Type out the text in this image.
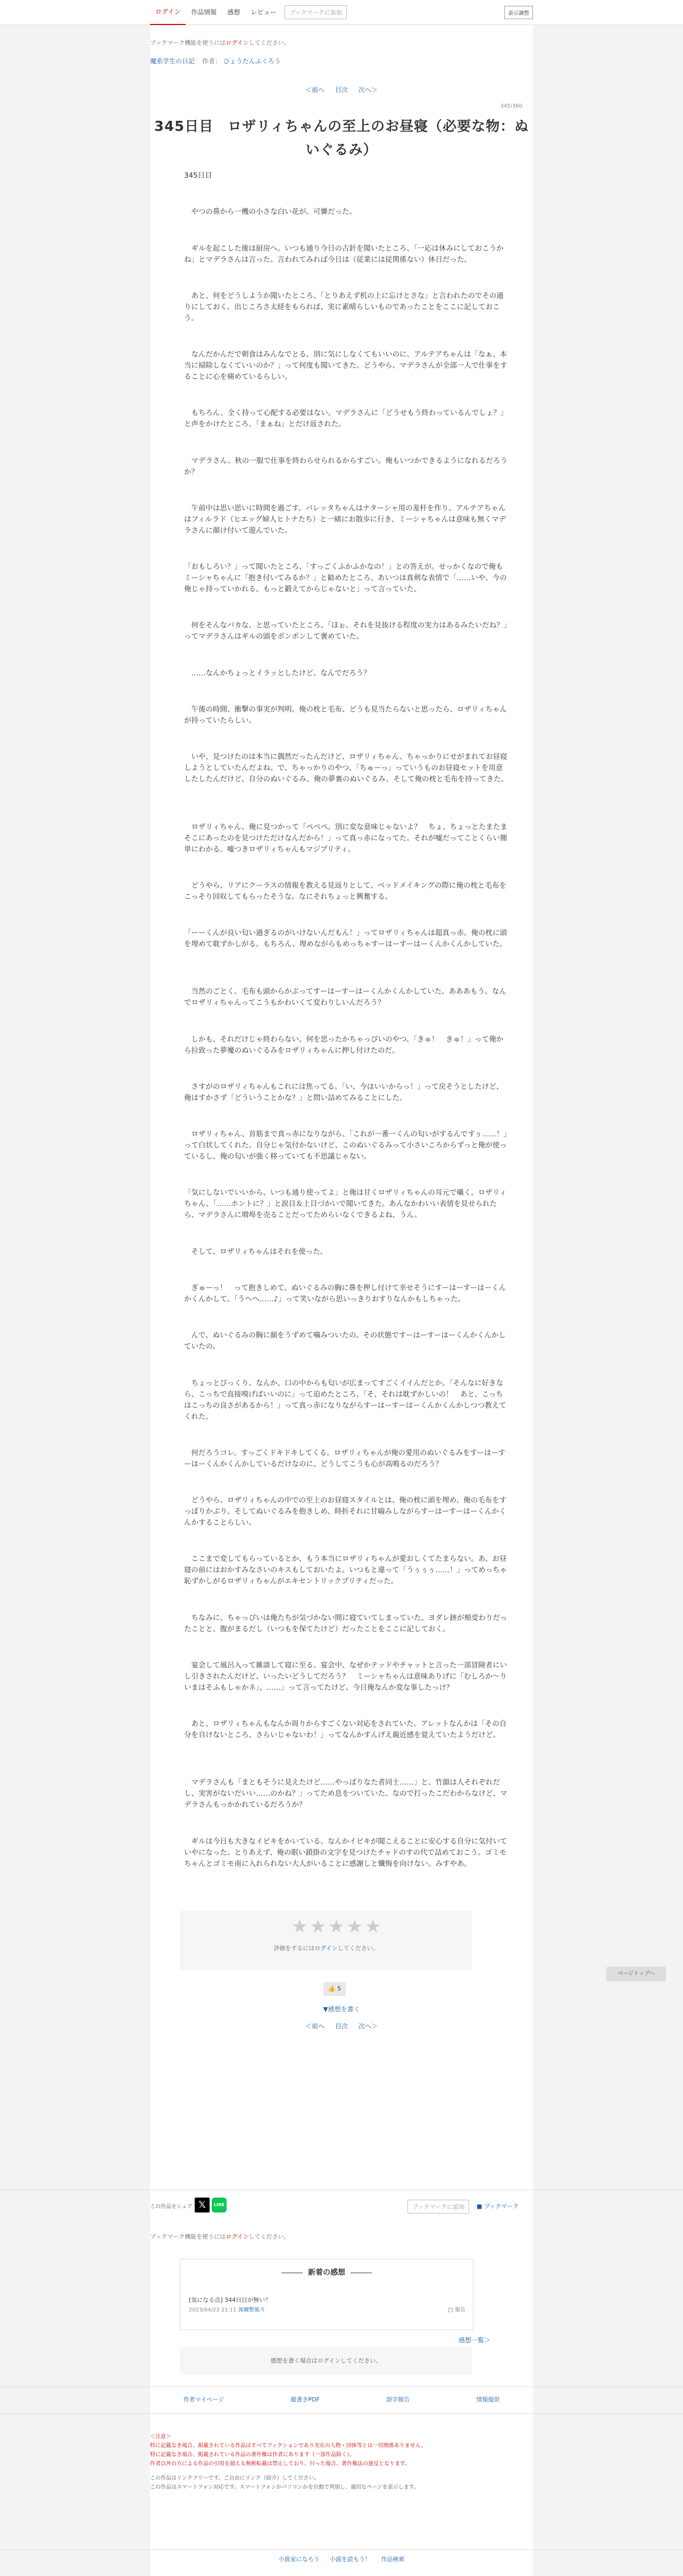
ログイン	作品情報	感想	レビュー	ブックマークに追加	表示調整
ブックマーク機能を使うにはログインしてください。
魔系学生の日記 作者： ひょうたんふくろう
＜前へ 目次 次へ＞
345/360
345日目　ロザリィちゃんの至上のお昼寝（必要な物：ぬ
いぐるみ）
345日目
　やつの鼻から一機の小さな白い花が。可憐だった。
　ギルを起こした後は厨房へ。いつも通り今日の古針を聞いたところ、「一応は休みにしておこうかね」とマデラさんは言った。言われてみれば今日は（従業には従関係ない）休日だった。
　あと、何をどうしようか聞いたところ、「とりあえず机の上に忘けとさな」と言われたのでその通りにしておく。出じころさ太経をもられば、実に素晴らしいものであったことをここに記しておこう。
　なんだかんだで朝食はみんなでとる。別に気にしなくてもいいのに、アルテアちゃんは「なぁ、本当に掃除しなくていいのか？」って何度も聞いてきた。どうやら、マデラさんが全部一人で仕事をすることに心を痛めているらしい。
　もちろん、全く持って心配する必要はない。マデラさんに「どうせもう終わっているんでしょ？」と声をかけたところ、「まぁね」とだけ返された。
　マデラさん、秋の一服で仕事を終わらせられるからすごい。俺もいつかできるようになれるだろうか？
　午前中は思い思いに時間を過ごす。パレッタちゃんはナターシャ用の羞杆を作り、アルテアちゃんはフィルラド（ヒエッグ婦人ヒトナたち）と一緒にお散歩に行き、ミーシャちゃんは意味も無くマデラさんに顔け付いて遊んでいた。
「おもしろい？」って聞いたところ、「すっごくふかふかなの！」との答えが。せっかくなので俺もミーシャちゃんに「抱き付いてみるか？」と勧めたところ、あいつは真剣な表情で「……いや、今の俺じゃ持っていかれる。もっと鍛えてからじゃないと」って言っていた。
　何をそんなバカな、と思っていたところ、「ほぉ、それを見抜ける程度の実力はあるみたいだね？」ってマデラさんはギルの頭をポンポンして褒めていた。
　……なんかちょっとイラッとしたけど、なんでだろう？
　午後の時間、衝撃の事実が判明。俺の枕と毛布、どうも見当たらないと思ったら、ロザリィちゃんが持っていたらしい。
　いや、見つけたのは本当に偶然だったんだけど、ロザリィちゃん、ちゃっかりにせがまれてお昼寝しようとしていたんだよね。で、ちゃっかりのやつ、「ちゅーっ」っていうものお昼寝セットを用意したしたんだけど、自分のぬいぐるみ、俺の夢裏のぬいぐるみ、そして俺の枕と毛布を持ってきた。
　ロザリィちゃん、俺に見つかって「ぺペペ、別に変な意味じゃないよ？　ちょ、ちょっとたまたまそこにあったのを見つけただけなんだから！」って真っ赤になってた。それが嘘だってことくらい簡単にわかる。嘘つきロザリィちゃんもマジプリティ。
　どうやら、リアにクーラスの情報を教える見返りとして、ベッドメイキングの際に俺の枕と毛布をこっそり回収してもらったそうな。なにそれちょっと興奮する。
「ーーくんが良い匂い過ぎるのがいけないんだもん！」ってロザリィちゃんは超真っ赤。俺の枕に頭を埋めて耽ずかしがる。もちろん、埋めながらもめっちゃすーはーすーはーくんかくんかしていた。
　当然のごとく、毛布も頭からかぶってすーはーすーはーくんかくんかしていた。あああもう、なんでロザリィちゃんってこうもかわいくて変わりしいんだろう？
　しかも、それだけじゃ終わらない。何を思ったかちゃっぴいのやつ、「きゅ！　きゅ！」って俺から拉致った夢魔のぬいぐるみをロザリィちゃんに押し付けたのだ。
　さすがのロザリィちゃんもこれには焦ってる。「い、今はいいからっ！」って戻そうとしたけど、俺はすかさず「どういうことかな？」と問い詰めてみることにした。
　ロザリィちゃん、首筋まで真っ赤になりながら、「これが一番一くんの匂いがするんですぅ……！」って白状してくれた。自分じゃ気付かないけど、このぬいぐるみって小さいころからずっと俺が使っているし、俺の匂いが強く移っていても不思議じゃない。
「気にしないでいいから、いつも通り使ってよ」と俺は甘くロザリィちゃんの耳元で囁く。ロザリィちゃん、「……ホントに？」と涙目＆上目づかいで聞いてきた。あんなかわいい表情を見せられたら、マデラさんに増埠を売ることだってためらいなくできるよね、うん。
　そして、ロザリィちゃんはそれを使った。
　ぎゅーっ！　って抱きしめて。ぬいぐるみの胸に鼻を押し付けて幸せそうにすーはーすーはーくんかくんかして。「うへへ……♪」って笑いながら思いっきりおすりなんかもしちゃった。
　んで、ぬいぐるみの胸に顔をうずめて噛みついたの。その状態ですーはーすーはーくんかくんかしていたの。
　ちょっとびっくり。なんか、口の中からも匂いが広まってすごくイイんだとか。「そんなに好きなら、こっちで直接嗅げばいいのに」って迫めたところ、「そ、それは耽ずかしいの！　あと、こっちはこっちの良さがあるから！」って真っ赤になりながらすーはーすーはーくんかくんかしつつ教えてくれた。
　何だろうコレ。すっごくドキドキしてくる。ロザリィちゃんが俺の愛用のぬいぐるみをすーはーすーはーくんかくんかしているだけなのに、どうしてこうも心が高鳴るのだろう？
　どうやら、ロザリィちゃんの中での至上のお昼寝スタイルとは、俺の枕に頭を埋め、俺の毛布をすっぽりかぶり、そしてぬいぐるみを抱きしめ、時折それに甘嚙みしながらすーはーすーはーくんかくんかすることらしい。
　ここまで変してもらっているとか、もう本当にロザリィちゃんが愛おしくてたまらない。あ、お昼寝の前にはおかすみなさいのキスもしておいたよ。いつもと違って「うぅぅぅ……！」ってめっちゃ恥ずかしがるロザリィちゃんがエキセントリックプリティだった。
　ちなみに、ちゃっぴいは俺たちが気づかない間に寝ていてしまっていた。ヨダレ跡が頬変わりだったことと、腹がまるだし（いつもを保てたけど）だったことをここに記しておく。
　宴会して風呂入って雑談して寝に至る。宴会中、なぜかテッドやチャットと言った一部冒険者にいし引きされたんだけど、いったいどうしてだろう？　ミーシャちゃんは意味ありげに「むしろか〜りいまはそふもしゃかネ」、……」って言ってたけど、今日俺なんか変な事したっけ？
　あと、ロザリィちゃんもなんか周りからすごくない対応をされていた。アレットなんかは「その自分を自けないところ、さらいじゃないわ！」ってなんかすんげえ親近感を覚えていたようだけど。
　マデラさんも「まともそうに見えたけど……やっぱりなた者同士……」と、竹顔は人それぞれだし、実害がないだいい……のかね？」ってため息をついていた。なので打ったこだわからなけど、マデラさんもっかかれているだろうか？
　ギルは今日も大きなイビキをかいている。なんかイビキが聞こえることに安心する自分に気付いていやになった。とりあえず、俺の眠い鎖掛の文字を見つけたチャドのすの代で詰めておこう。ゴミモちゃんとゴミモ南に入れられない大人がいることに感謝しと懺悔を向けない。みすやあ。
★★★★★
評価をするにはログインしてください。
👍 5
▼感想を書く
＜前へ 目次 次へ＞
この作品をシェア 𝕏	LINE	ブックマークに追加	■ ブックマーク
ブックマーク機能を使うにはログインしてください。
新着の感想
[気になる点] 344日目が無い？
2023/04/23 21:11 深爾整風斗	□ 報告
感想一覧＞
感想を書く場合はログインしてください。
作者マイページ	縦書きPDF	誤字報告	情報提供
＜注意＞
特に記載なき場合、掲載されている作品はすべてフィクションであり実在の人物・団体等とは一切関係ありません。
特に記載なき場合、掲載されている作品の著作権は作者にあります（一部作品除く）。
作者以外の方による作品の引用を超える無断転載は禁止しており、行った場合、著作権法の違反となります。
この作品はリンクフリーです。ご自由にリンク（紹介）してください。
この作品はスマートフォン対応です。スマートフォンかパソコンかを自動で判別し、適切なページを表示します。
小説家になろう 小説を読もう！ 作品検索
ページトップへ
